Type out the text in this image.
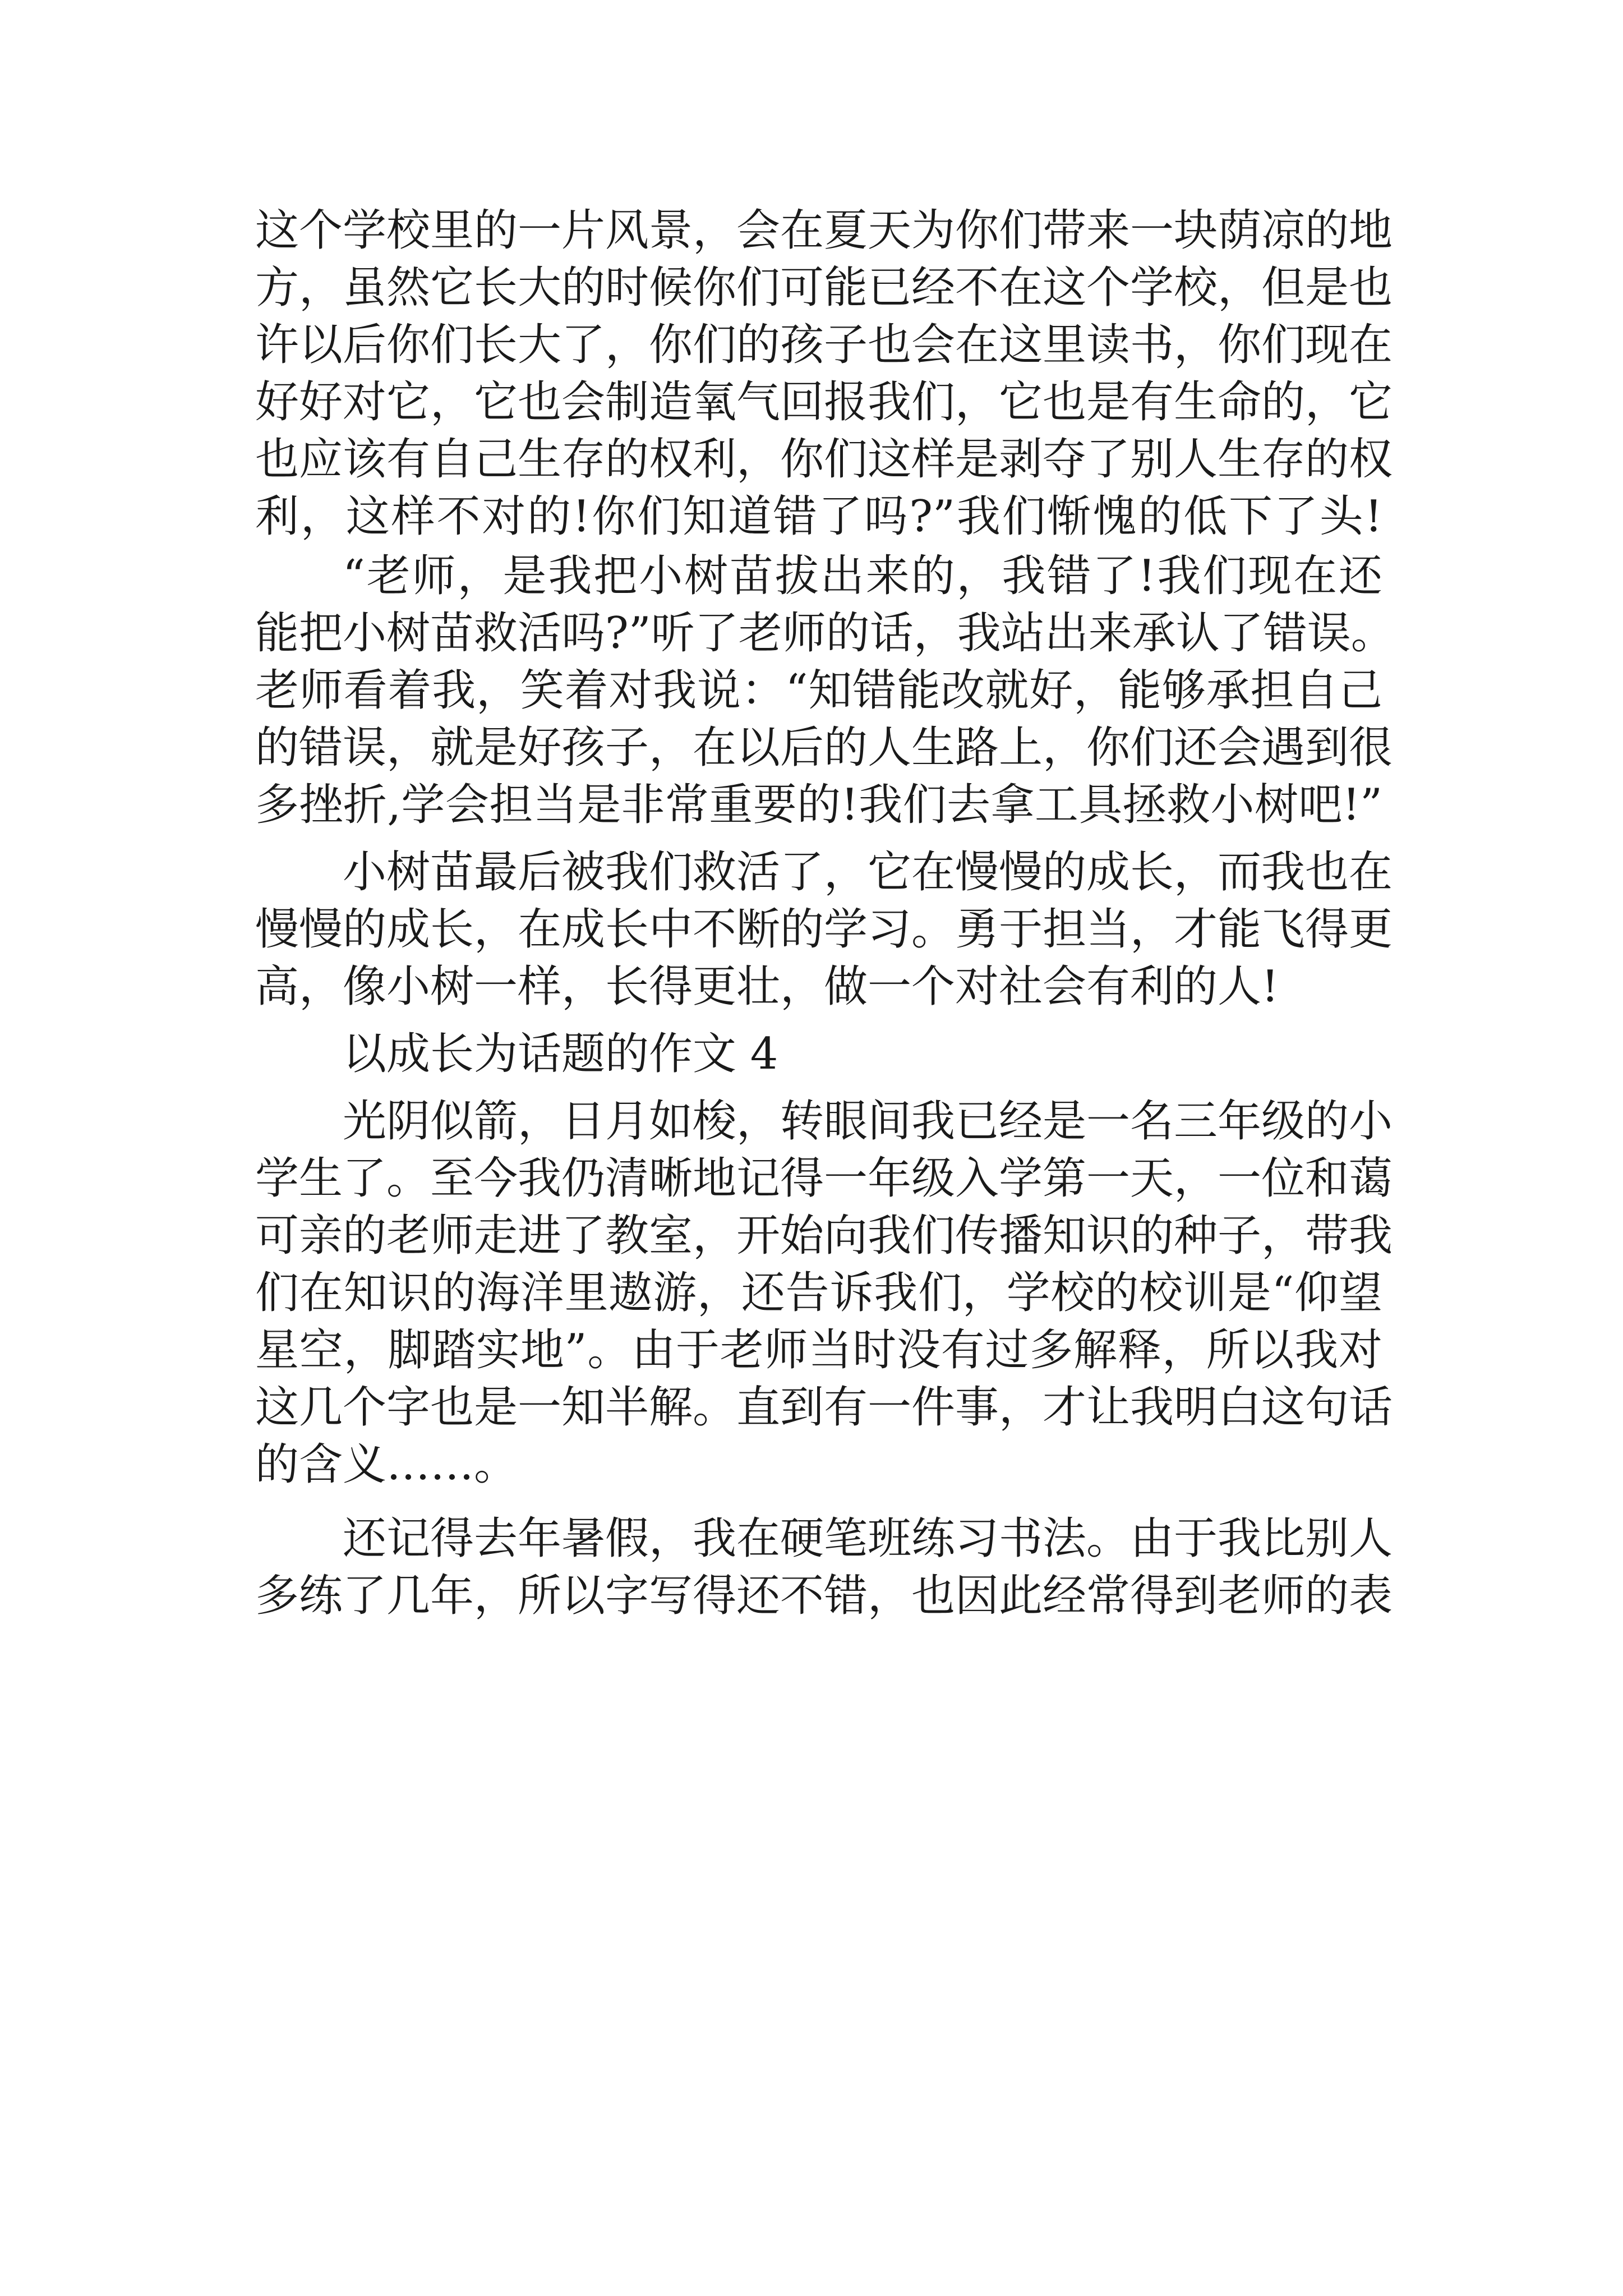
这个学校里的一片风景，会在夏天为你们带来一块荫凉的地
方，虽然它长大的时候你们可能已经不在这个学校，但是也
许以后你们长大了，你们的孩子也会在这里读书，你们现在
好好对它，它也会制造氧气回报我们，它也是有生命的，它
也应该有自己生存的权利，你们这样是剥夺了别人生存的权
利，这样不对的!你们知道错了吗?”我们惭愧的低下了头!
“老师，是我把小树苗拔出来的，我错了!我们现在还
能把小树苗救活吗?”听了老师的话，我站出来承认了错误。
老师看着我，笑着对我说：“知错能改就好，能够承担自己
的错误，就是好孩子，在以后的人生路上，你们还会遇到很
多挫折,学会担当是非常重要的!我们去拿工具拯救小树吧!”
小树苗最后被我们救活了，它在慢慢的成长，而我也在
慢慢的成长，在成长中不断的学习。勇于担当，才能飞得更
高，像小树一样，长得更壮，做一个对社会有利的人!
以成长为话题的作文 4
光阴似箭，日月如梭，转眼间我已经是一名三年级的小
学生了。至今我仍清晰地记得一年级入学第一天，一位和蔼
可亲的老师走进了教室，开始向我们传播知识的种子，带我
们在知识的海洋里遨游，还告诉我们，学校的校训是“仰望
星空，脚踏实地”。由于老师当时没有过多解释，所以我对
这几个字也是一知半解。直到有一件事，才让我明白这句话
的含义……。
还记得去年暑假，我在硬笔班练习书法。由于我比别人
多练了几年，所以字写得还不错，也因此经常得到老师的表
